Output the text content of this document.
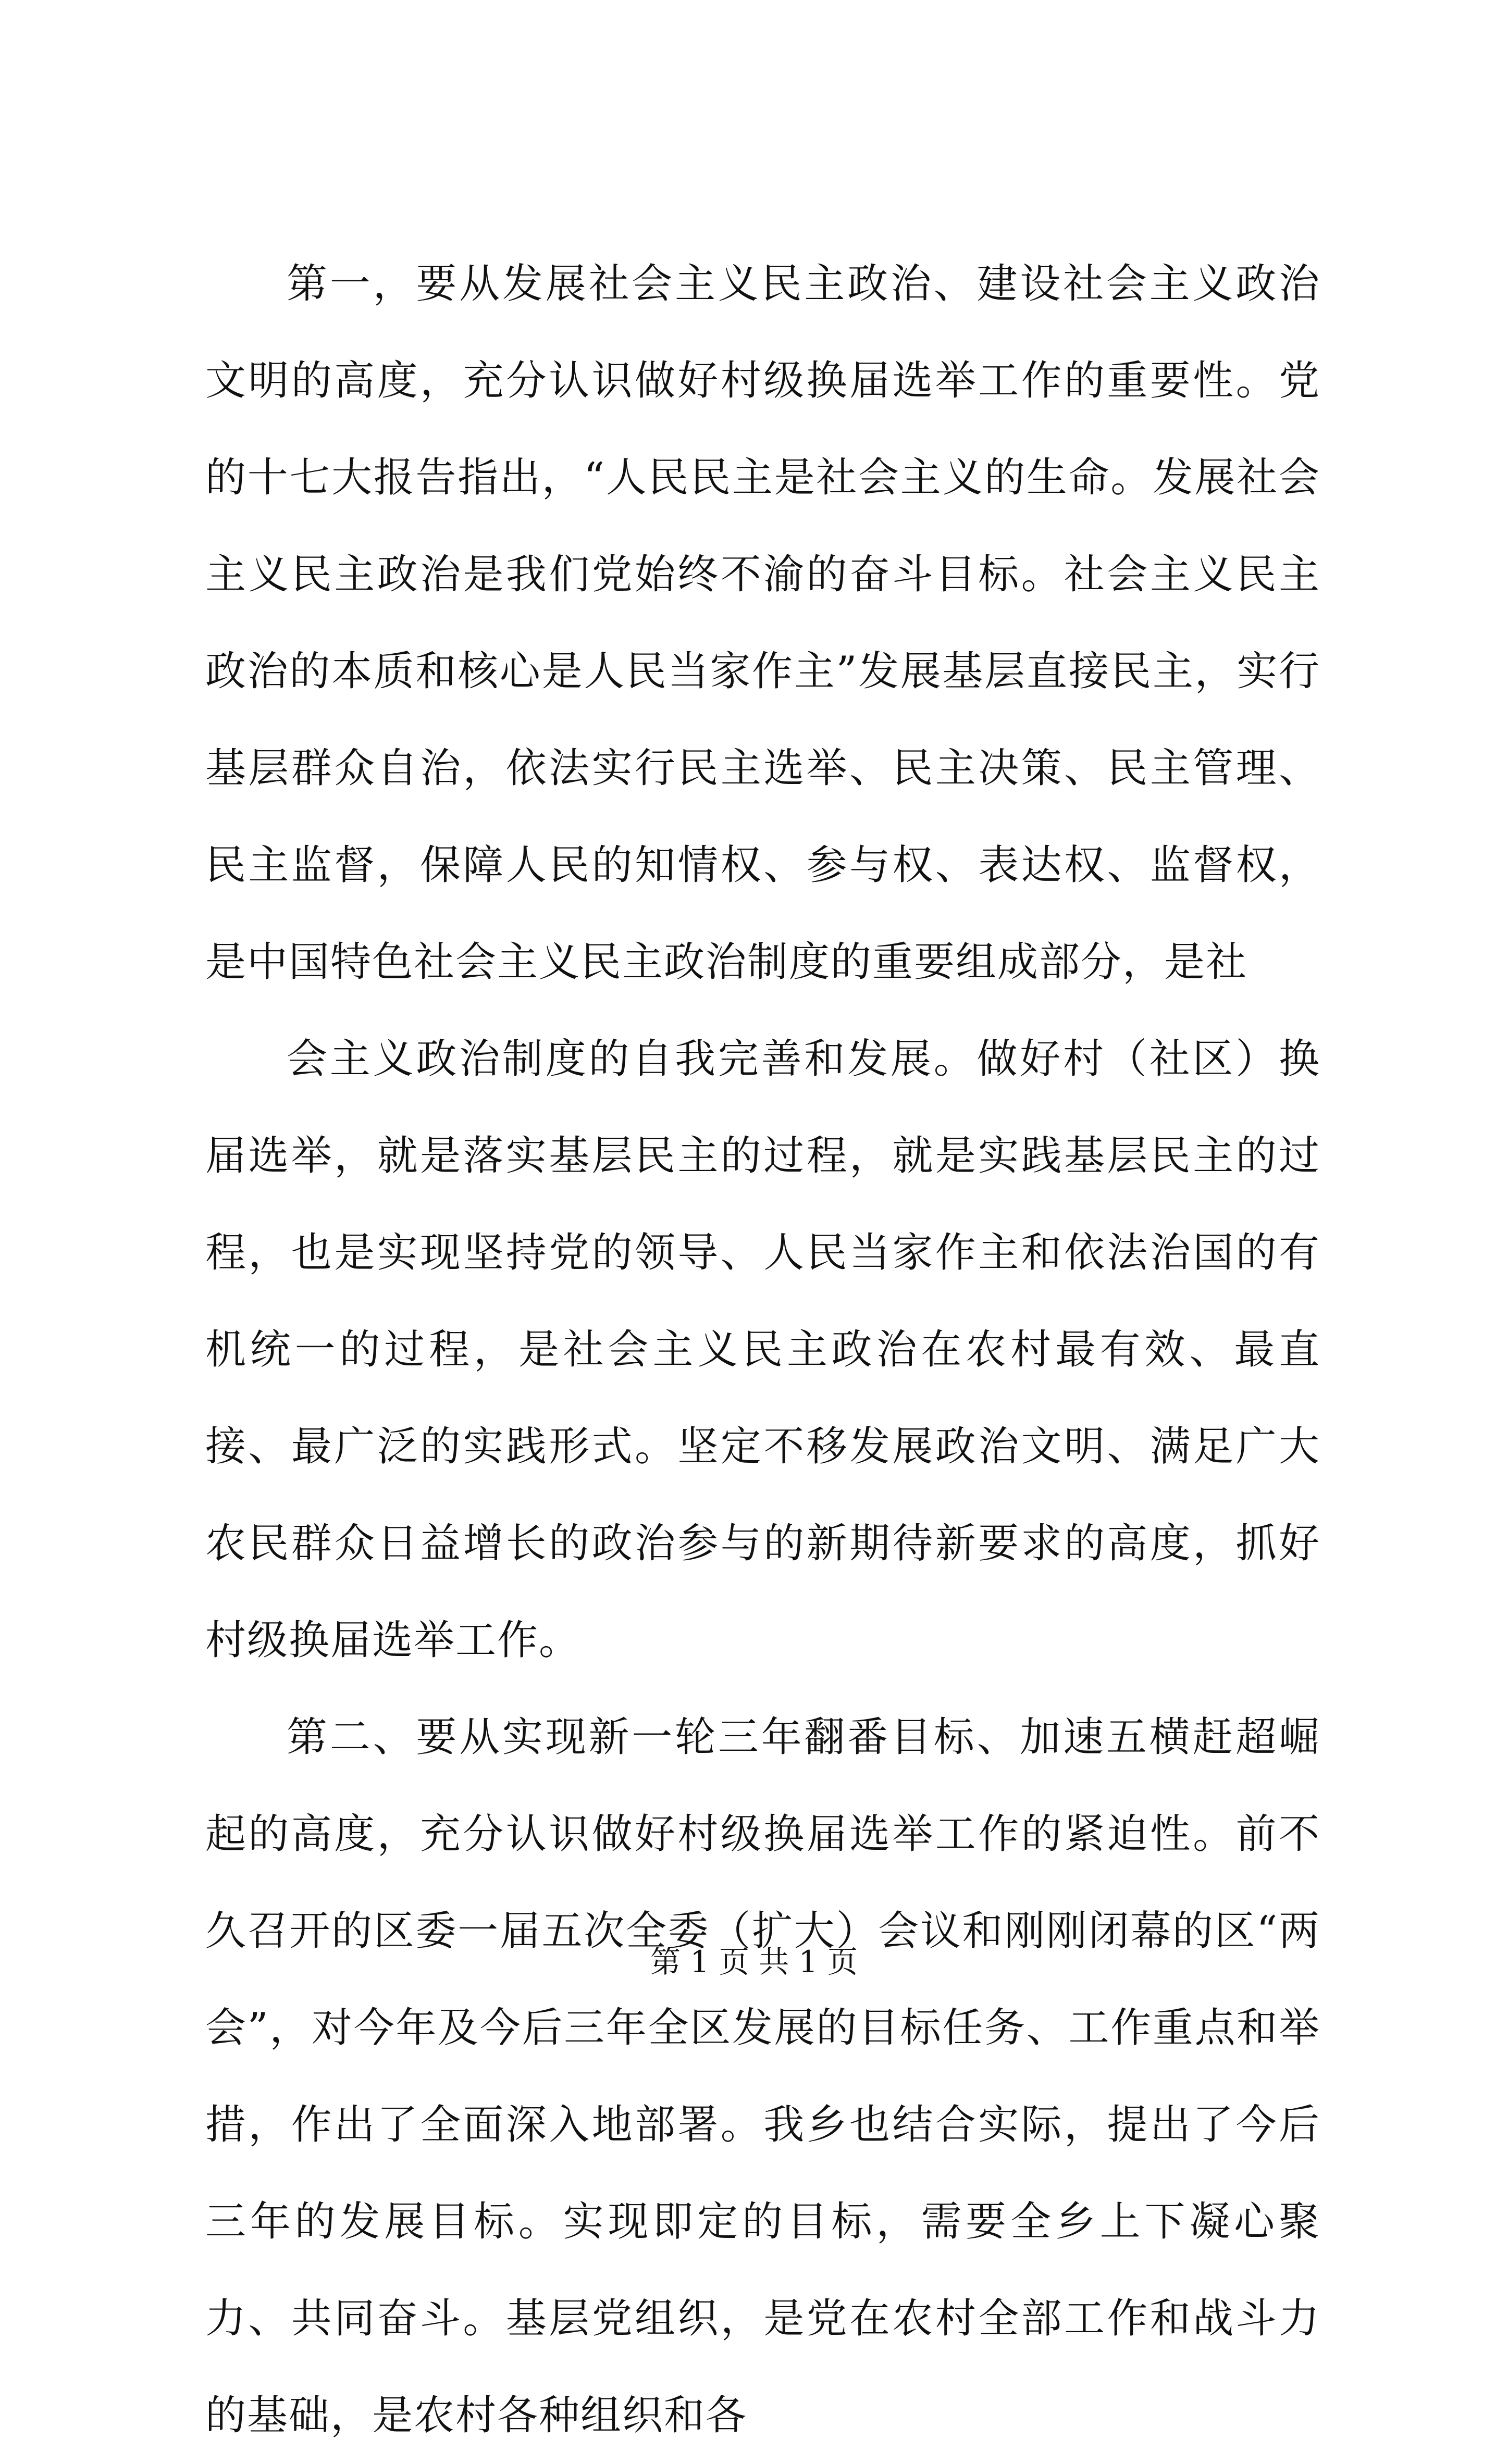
第一，要从发展社会主义民主政治、建设社会主义政治文明的高度，充分认识做好村级换届选举工作的重要性。党的十七大报告指出，“人民民主是社会主义的生命。发展社会主义民主政治是我们党始终不渝的奋斗目标。社会主义民主政治的本质和核心是人民当家作主”发展基层直接民主，实行基层群众自治，依法实行民主选举、民主决策、民主管理、民主监督，保障人民的知情权、参与权、表达权、监督权，是中国特色社会主义民主政治制度的重要组成部分，是社

会主义政治制度的自我完善和发展。做好村（社区）换届选举，就是落实基层民主的过程，就是实践基层民主的过程，也是实现坚持党的领导、人民当家作主和依法治国的有机统一的过程，是社会主义民主政治在农村最有效、最直接、最广泛的实践形式。坚定不移发展政治文明、满足广大农民群众日益增长的政治参与的新期待新要求的高度，抓好村级换届选举工作。

第二、要从实现新一轮三年翻番目标、加速五横赶超崛起的高度，充分认识做好村级换届选举工作的紧迫性。前不久召开的区委一届五次全委（扩大）会议和刚刚闭幕的区“两会”，对今年及今后三年全区发展的目标任务、工作重点和举措，作出了全面深入地部署。我乡也结合实际，提出了今后三年的发展目标。实现即定的目标，需要全乡上下凝心聚力、共同奋斗。基层党组织，是党在农村全部工作和战斗力的基础，是农村各种组织和各

第 1 页 共 1 页
